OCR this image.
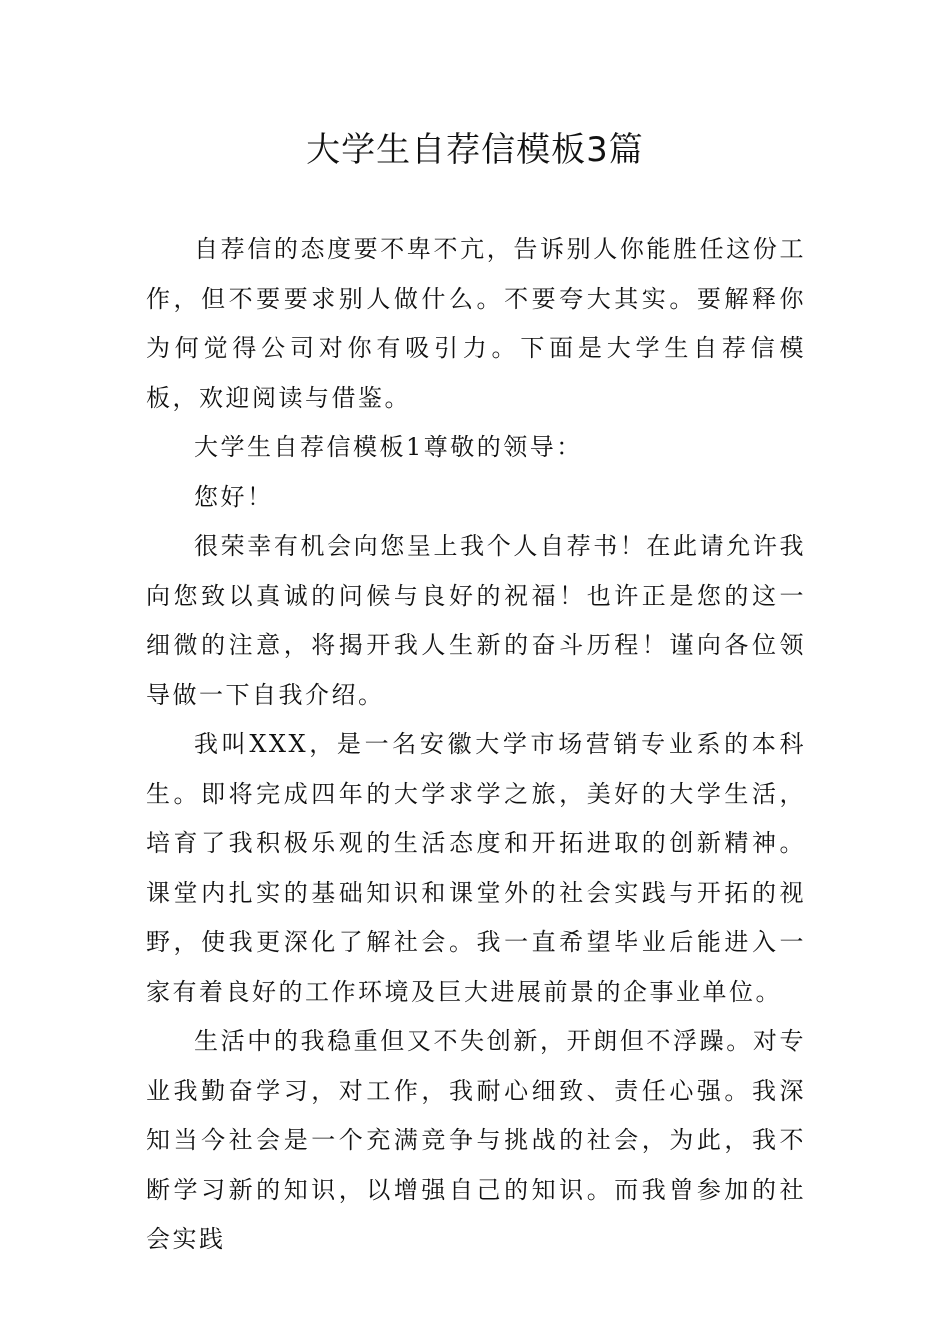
大学生自荐信模板3篇

自荐信的态度要不卑不亢，告诉别人你能胜任这份工作，但不要要求别人做什么。不要夸大其实。要解释你为何觉得公司对你有吸引力。下面是大学生自荐信模板，欢迎阅读与借鉴。

大学生自荐信模板1尊敬的领导：

您好！

很荣幸有机会向您呈上我个人自荐书！在此请允许我向您致以真诚的问候与良好的祝福！也许正是您的这一细微的注意，将揭开我人生新的奋斗历程！谨向各位领导做一下自我介绍。

我叫XXX，是一名安徽大学市场营销专业系的本科生。即将完成四年的大学求学之旅，美好的大学生活，培育了我积极乐观的生活态度和开拓进取的创新精神。课堂内扎实的基础知识和课堂外的社会实践与开拓的视野，使我更深化了解社会。我一直希望毕业后能进入一家有着良好的工作环境及巨大进展前景的企事业单位。

生活中的我稳重但又不失创新，开朗但不浮躁。对专业我勤奋学习，对工作，我耐心细致、责任心强。我深知当今社会是一个充满竞争与挑战的社会，为此，我不断学习新的知识，以增强自己的知识。而我曾参加的社会实践
